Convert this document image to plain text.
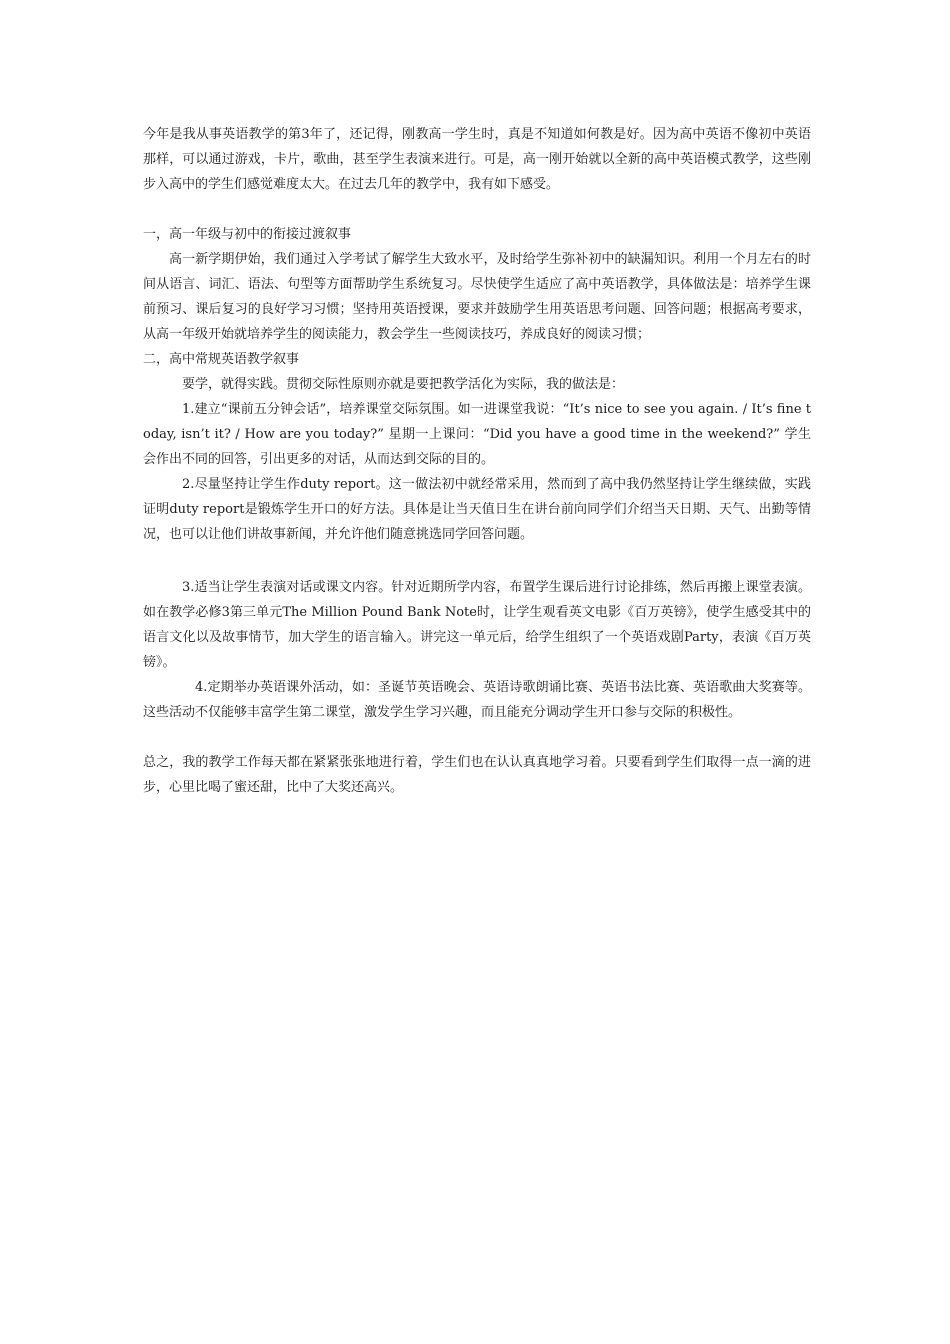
今年是我从事英语教学的第3年了，还记得，刚教高一学生时，真是不知道如何教是好。因为高中英语不像初中英语那样，可以通过游戏，卡片，歌曲，甚至学生表演来进行。可是，高一刚开始就以全新的高中英语模式教学，这些刚步入高中的学生们感觉难度太大。在过去几年的教学中，我有如下感受。

一，高一年级与初中的衔接过渡叙事

高一新学期伊始，我们通过入学考试了解学生大致水平，及时给学生弥补初中的缺漏知识。利用一个月左右的时间从语言、词汇、语法、句型等方面帮助学生系统复习。尽快使学生适应了高中英语教学，具体做法是：培养学生课前预习、课后复习的良好学习习惯；坚持用英语授课，要求并鼓励学生用英语思考问题、回答问题；根据高考要求，从高一年级开始就培养学生的阅读能力，教会学生一些阅读技巧，养成良好的阅读习惯；

二，高中常规英语教学叙事

要学，就得实践。贯彻交际性原则亦就是要把教学活化为实际，我的做法是：

1.建立“课前五分钟会话”，培养课堂交际氛围。如一进课堂我说：“It’s nice to see you again. / It’s fine today, isn’t it? / How are you today?” 星期一上课问：“Did you have a good time in the weekend?” 学生会作出不同的回答，引出更多的对话，从而达到交际的目的。

2.尽量坚持让学生作duty report。这一做法初中就经常采用，然而到了高中我仍然坚持让学生继续做，实践证明duty report是锻炼学生开口的好方法。具体是让当天值日生在讲台前向同学们介绍当天日期、天气、出勤等情况，也可以让他们讲故事新闻，并允许他们随意挑选同学回答问题。

3.适当让学生表演对话或课文内容。针对近期所学内容，布置学生课后进行讨论排练，然后再搬上课堂表演。如在教学必修3第三单元The Million Pound Bank Note时，让学生观看英文电影《百万英镑》，使学生感受其中的语言文化以及故事情节，加大学生的语言输入。讲完这一单元后，给学生组织了一个英语戏剧Party，表演《百万英镑》。

4.定期举办英语课外活动，如：圣诞节英语晚会、英语诗歌朗诵比赛、英语书法比赛、英语歌曲大奖赛等。这些活动不仅能够丰富学生第二课堂，激发学生学习兴趣，而且能充分调动学生开口参与交际的积极性。

总之，我的教学工作每天都在紧紧张张地进行着，学生们也在认认真真地学习着。只要看到学生们取得一点一滴的进步，心里比喝了蜜还甜，比中了大奖还高兴。
